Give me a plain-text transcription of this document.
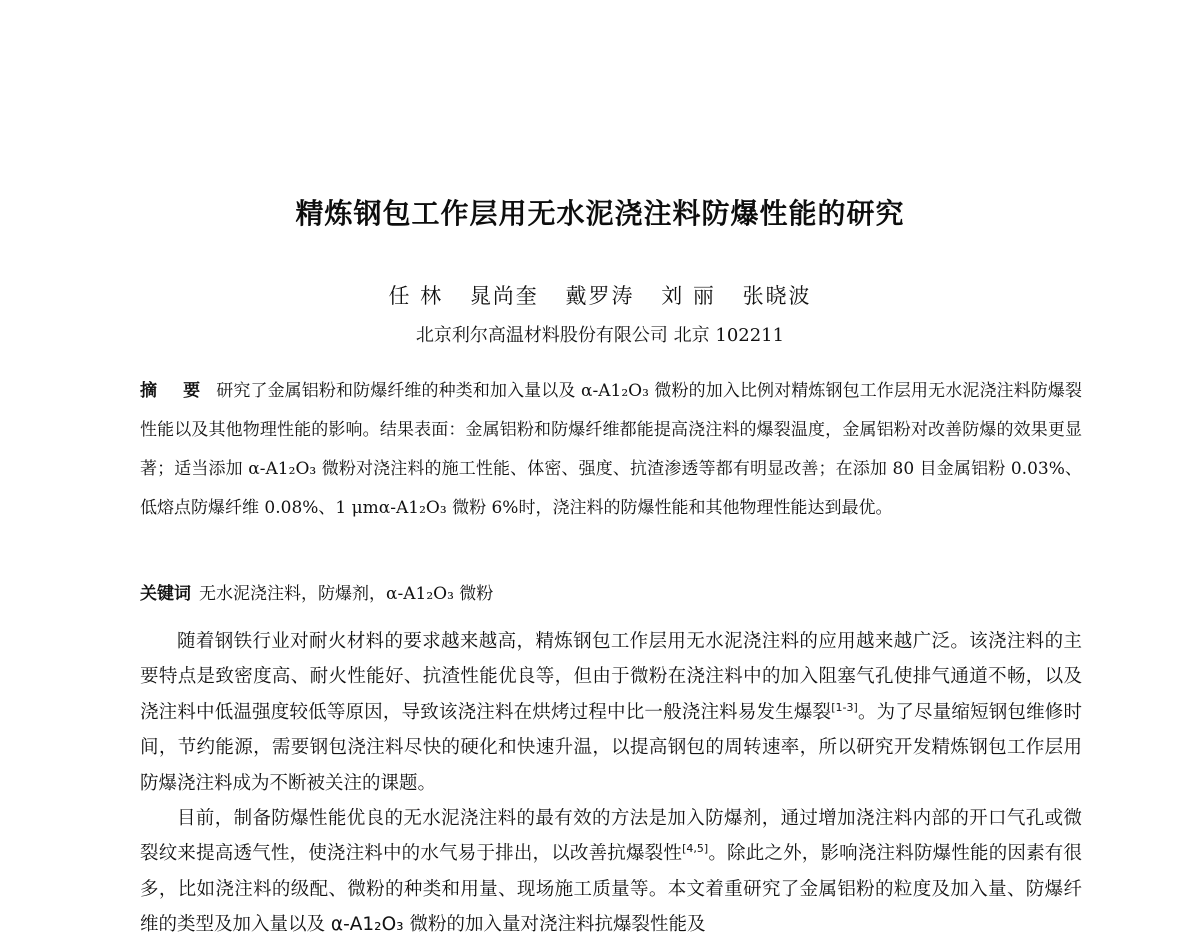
精炼钢包工作层用无水泥浇注料防爆性能的研究
任 林 晁尚奎 戴罗涛 刘 丽 张晓波
北京利尔高温材料股份有限公司 北京 102211
摘 要 研究了金属铝粉和防爆纤维的种类和加入量以及 α-A1₂O₃ 微粉的加入比例对精炼钢包工作层用无水泥浇注料防爆裂性能以及其他物理性能的影响。结果表面：金属铝粉和防爆纤维都能提高浇注料的爆裂温度，金属铝粉对改善防爆的效果更显著；适当添加 α-A1₂O₃ 微粉对浇注料的施工性能、体密、强度、抗渣渗透等都有明显改善；在添加 80 目金属铝粉 0.03%、低熔点防爆纤维 0.08%、1 μmα-A1₂O₃ 微粉 6%时，浇注料的防爆性能和其他物理性能达到最优。
关键词 无水泥浇注料，防爆剂，α-A1₂O₃ 微粉

随着钢铁行业对耐火材料的要求越来越高，精炼钢包工作层用无水泥浇注料的应用越来越广泛。该浇注料的主要特点是致密度高、耐火性能好、抗渣性能优良等，但由于微粉在浇注料中的加入阻塞气孔使排气通道不畅，以及浇注料中低温强度较低等原因，导致该浇注料在烘烤过程中比一般浇注料易发生爆裂[1-3]。为了尽量缩短钢包维修时间，节约能源，需要钢包浇注料尽快的硬化和快速升温，以提高钢包的周转速率，所以研究开发精炼钢包工作层用防爆浇注料成为不断被关注的课题。

目前，制备防爆性能优良的无水泥浇注料的最有效的方法是加入防爆剂，通过增加浇注料内部的开口气孔或微裂纹来提高透气性，使浇注料中的水气易于排出，以改善抗爆裂性[4,5]。除此之外，影响浇注料防爆性能的因素有很多，比如浇注料的级配、微粉的种类和用量、现场施工质量等。本文着重研究了金属铝粉的粒度及加入量、防爆纤维的类型及加入量以及 α-A1₂O₃ 微粉的加入量对浇注料抗爆裂性能及
